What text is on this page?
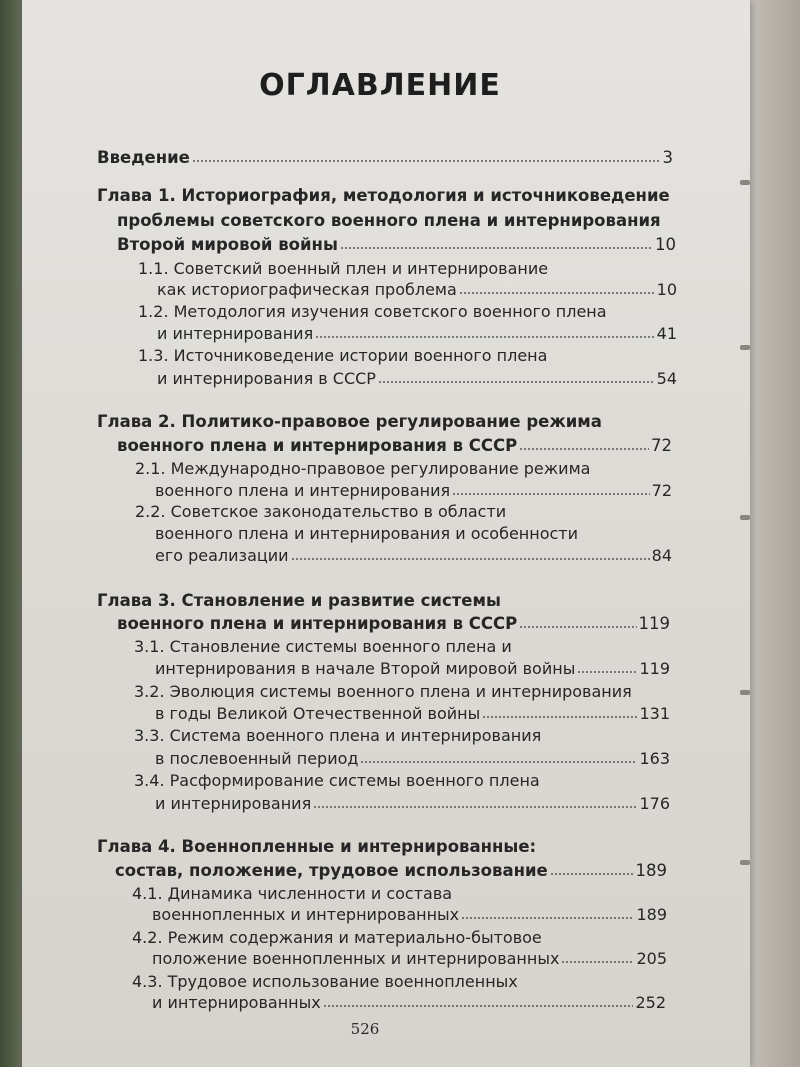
ОГЛАВЛЕНИЕ
Введение	3
Глава 1. Историография, методология и источниковедение
проблемы советского военного плена и интернирования
Второй мировой войны	10
1.1. Советский военный плен и интернирование
как историографическая проблема	10
1.2. Методология изучения советского военного плена
и интернирования	41
1.3. Источниковедение истории военного плена
и интернирования в СССР	54
Глава 2. Политико-правовое регулирование режима
военного плена и интернирования в СССР	72
2.1. Международно-правовое регулирование режима
военного плена и интернирования	72
2.2. Советское законодательство в области
военного плена и интернирования и особенности
его реализации	84
Глава 3. Становление и развитие системы
военного плена и интернирования в СССР	119
3.1. Становление системы военного плена и
интернирования в начале Второй мировой войны	119
3.2. Эволюция системы военного плена и интернирования
в годы Великой Отечественной войны	131
3.3. Система военного плена и интернирования
в послевоенный период	163
3.4. Расформирование системы военного плена
и интернирования	176
Глава 4. Военнопленные и интернированные:
состав, положение, трудовое использование	189
4.1. Динамика численности и состава
военнопленных и интернированных	189
4.2. Режим содержания и материально-бытовое
положение военнопленных и интернированных	205
4.3. Трудовое использование военнопленных
и интернированных	252
526
